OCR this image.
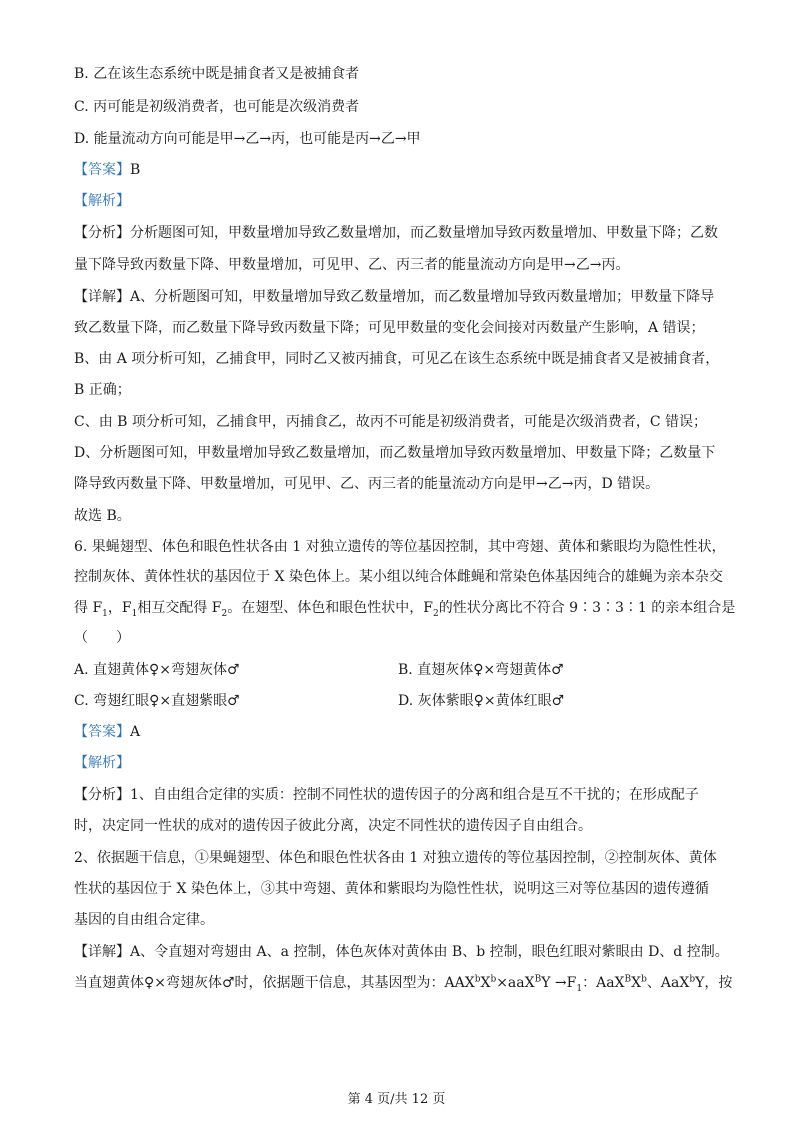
B. 乙在该生态系统中既是捕食者又是被捕食者
C. 丙可能是初级消费者，也可能是次级消费者
D. 能量流动方向可能是甲→乙→丙，也可能是丙→乙→甲
【答案】B
【解析】
【分析】分析题图可知，甲数量增加导致乙数量增加，而乙数量增加导致丙数量增加、甲数量下降；乙数
量下降导致丙数量下降、甲数量增加，可见甲、乙、丙三者的能量流动方向是甲→乙→丙。
【详解】A、分析题图可知，甲数量增加导致乙数量增加，而乙数量增加导致丙数量增加；甲数量下降导
致乙数量下降，而乙数量下降导致丙数量下降；可见甲数量的变化会间接对丙数量产生影响，A 错误；
B、由 A 项分析可知，乙捕食甲，同时乙又被丙捕食，可见乙在该生态系统中既是捕食者又是被捕食者，
B 正确；
C、由 B 项分析可知，乙捕食甲，丙捕食乙，故丙不可能是初级消费者，可能是次级消费者，C 错误；
D、分析题图可知，甲数量增加导致乙数量增加，而乙数量增加导致丙数量增加、甲数量下降；乙数量下
降导致丙数量下降、甲数量增加，可见甲、乙、丙三者的能量流动方向是甲→乙→丙，D 错误。
故选 B。
6. 果蝇翅型、体色和眼色性状各由 1 对独立遗传的等位基因控制，其中弯翅、黄体和紫眼均为隐性性状，
控制灰体、黄体性状的基因位于 X 染色体上。某小组以纯合体雌蝇和常染色体基因纯合的雄蝇为亲本杂交
得 $F_1$，$F_1$相互交配得 $F_2$。在翅型、体色和眼色性状中，$F_2$的性状分离比不符合 9∶3∶3∶1 的亲本组合是
（　　）
A. 直翅黄体♀×弯翅灰体♂	B. 直翅灰体♀×弯翅黄体♂
C. 弯翅红眼♀×直翅紫眼♂	D. 灰体紫眼♀×黄体红眼♂
【答案】A
【解析】
【分析】1、自由组合定律的实质：控制不同性状的遗传因子的分离和组合是互不干扰的；在形成配子
时，决定同一性状的成对的遗传因子彼此分离，决定不同性状的遗传因子自由组合。
2、依据题干信息，①果蝇翅型、体色和眼色性状各由 1 对独立遗传的等位基因控制，②控制灰体、黄体
性状的基因位于 X 染色体上，③其中弯翅、黄体和紫眼均为隐性性状，说明这三对等位基因的遗传遵循
基因的自由组合定律。
【详解】A、令直翅对弯翅由 A、a 控制，体色灰体对黄体由 B、b 控制，眼色红眼对紫眼由 D、d 控制。
当直翅黄体♀×弯翅灰体♂时，依据题干信息，其基因型为：$AAX^bX^b\times aaX^BY \to F_1$：$AaX^BX^b$、AaX$^b$Y，按
第 4 页/共 12 页
